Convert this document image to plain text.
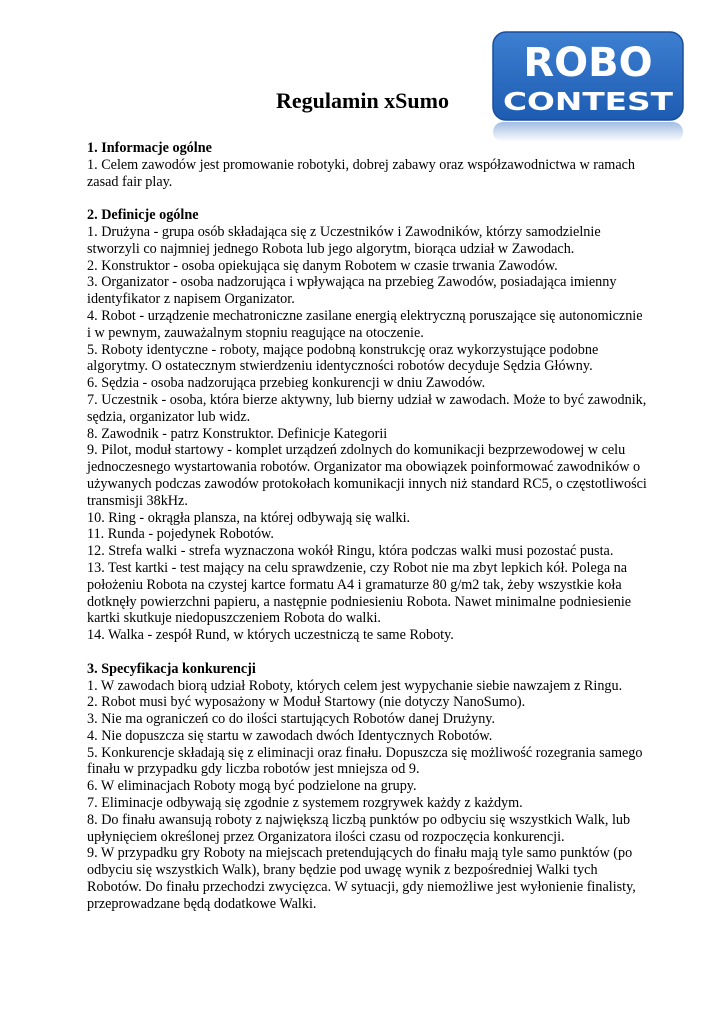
Regulamin xSumo
ROBO
CONTEST
1. Informacje ogólne

1. Celem zawodów jest promowanie robotyki, dobrej zabawy oraz współzawodnictwa w ramach zasad fair play.

2. Definicje ogólne

1. Drużyna - grupa osób składająca się z Uczestników i Zawodników, którzy samodzielnie stworzyli co najmniej jednego Robota lub jego algorytm, biorąca udział w Zawodach.

2. Konstruktor - osoba opiekująca się danym Robotem w czasie trwania Zawodów.

3. Organizator - osoba nadzorująca i wpływająca na przebieg Zawodów, posiadająca imienny identyfikator z napisem Organizator.

4. Robot - urządzenie mechatroniczne zasilane energią elektryczną poruszające się autonomicznie i w pewnym, zauważalnym stopniu reagujące na otoczenie.

5. Roboty identyczne - roboty, mające podobną konstrukcję oraz wykorzystujące podobne algorytmy. O ostatecznym stwierdzeniu identyczności robotów decyduje Sędzia Główny.

6. Sędzia - osoba nadzorująca przebieg konkurencji w dniu Zawodów.

7. Uczestnik - osoba, która bierze aktywny, lub bierny udział w zawodach. Może to być zawodnik, sędzia, organizator lub widz.

8. Zawodnik - patrz Konstruktor. Definicje Kategorii

9. Pilot, moduł startowy - komplet urządzeń zdolnych do komunikacji bezprzewodowej w celu jednoczesnego wystartowania robotów. Organizator ma obowiązek poinformować zawodników o używanych podczas zawodów protokołach komunikacji innych niż standard RC5, o częstotliwości transmisji 38kHz.

10. Ring - okrągła plansza, na której odbywają się walki.

11. Runda - pojedynek Robotów.

12. Strefa walki - strefa wyznaczona wokół Ringu, która podczas walki musi pozostać pusta.

13. Test kartki - test mający na celu sprawdzenie, czy Robot nie ma zbyt lepkich kół. Polega na położeniu Robota na czystej kartce formatu A4 i gramaturze 80 g/m2 tak, żeby wszystkie koła dotknęły powierzchni papieru, a następnie podniesieniu Robota. Nawet minimalne podniesienie kartki skutkuje niedopuszczeniem Robota do walki.

14. Walka - zespół Rund, w których uczestniczą te same Roboty.

3. Specyfikacja konkurencji

1. W zawodach biorą udział Roboty, których celem jest wypychanie siebie nawzajem z Ringu.

2. Robot musi być wyposażony w Moduł Startowy (nie dotyczy NanoSumo).

3. Nie ma ograniczeń co do ilości startujących Robotów danej Drużyny.

4. Nie dopuszcza się startu w zawodach dwóch Identycznych Robotów.

5. Konkurencje składają się z eliminacji oraz finału. Dopuszcza się możliwość rozegrania samego finału w przypadku gdy liczba robotów jest mniejsza od 9.

6. W eliminacjach Roboty mogą być podzielone na grupy.

7. Eliminacje odbywają się zgodnie z systemem rozgrywek każdy z każdym.

8. Do finału awansują roboty z największą liczbą punktów po odbyciu się wszystkich Walk, lub upłynięciem określonej przez Organizatora ilości czasu od rozpoczęcia konkurencji.

9. W przypadku gry Roboty na miejscach pretendujących do finału mają tyle samo punktów (po odbyciu się wszystkich Walk), brany będzie pod uwagę wynik z bezpośredniej Walki tych Robotów. Do finału przechodzi zwycięzca. W sytuacji, gdy niemożliwe jest wyłonienie finalisty, przeprowadzane będą dodatkowe Walki.
